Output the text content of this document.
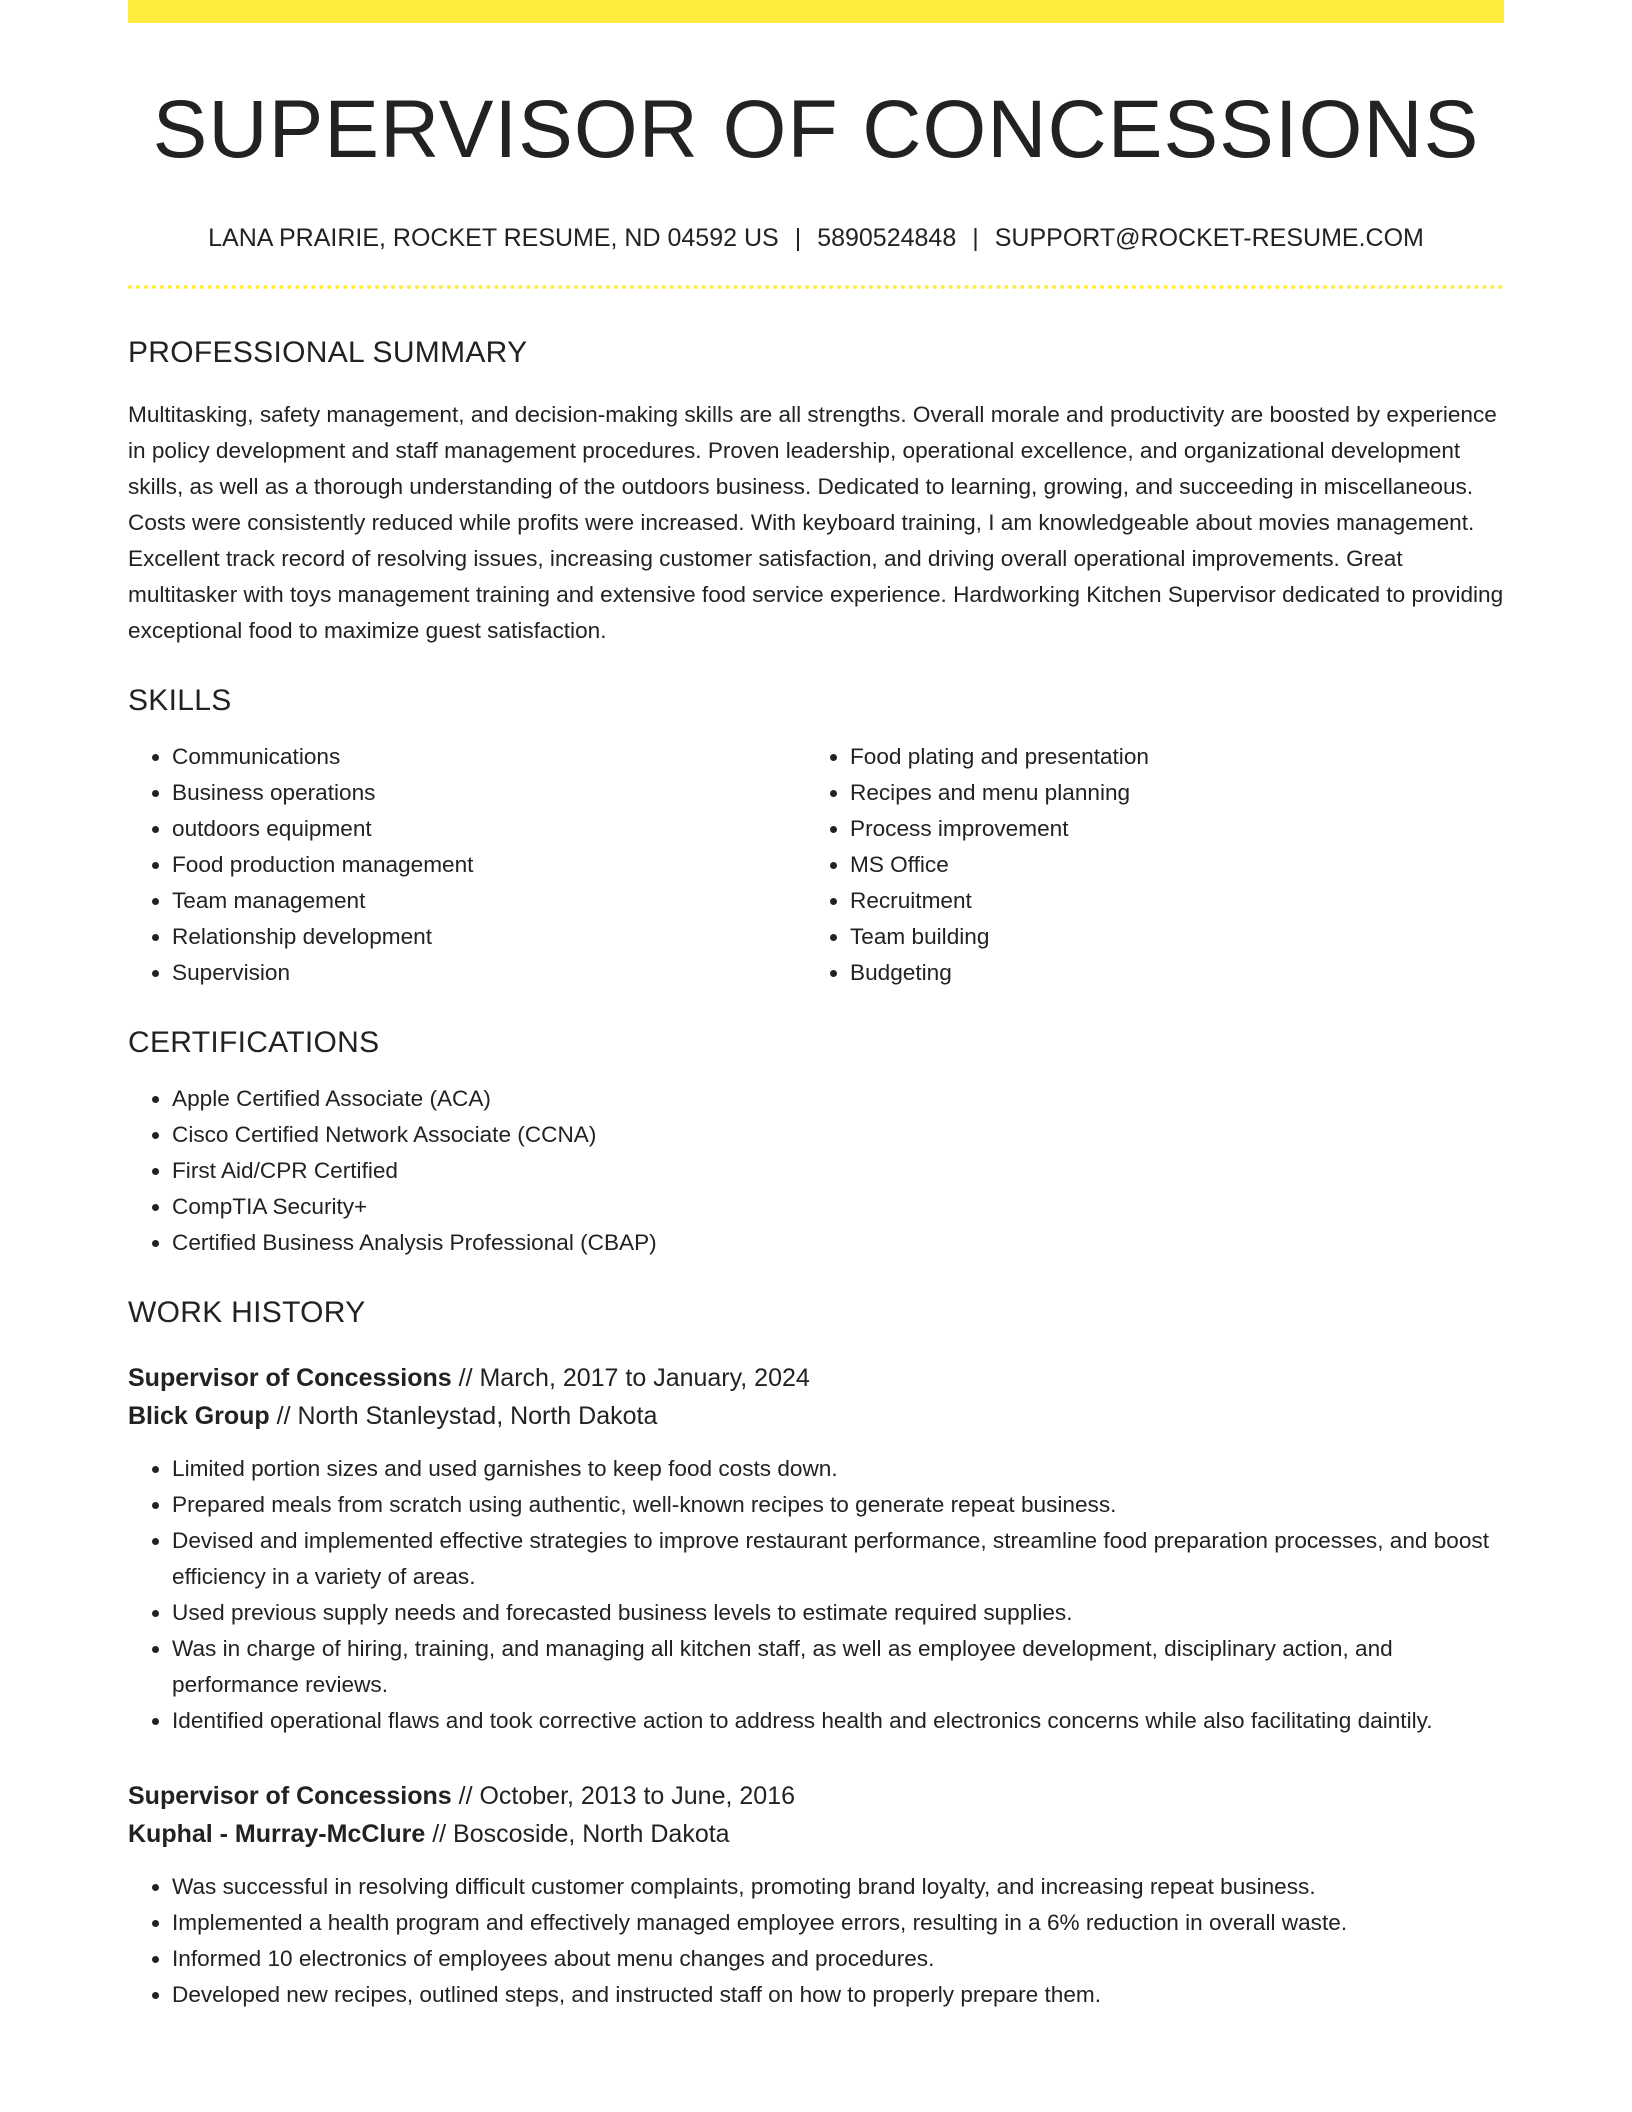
SUPERVISOR OF CONCESSIONS
LANA PRAIRIE, ROCKET RESUME, ND 04592 US | 5890524848 | SUPPORT@ROCKET-RESUME.COM
PROFESSIONAL SUMMARY
Multitasking, safety management, and decision-making skills are all strengths. Overall morale and productivity are boosted by experience in policy development and staff management procedures. Proven leadership, operational excellence, and organizational development skills, as well as a thorough understanding of the outdoors business. Dedicated to learning, growing, and succeeding in miscellaneous. Costs were consistently reduced while profits were increased. With keyboard training, I am knowledgeable about movies management. Excellent track record of resolving issues, increasing customer satisfaction, and driving overall operational improvements. Great multitasker with toys management training and extensive food service experience. Hardworking Kitchen Supervisor dedicated to providing exceptional food to maximize guest satisfaction.
SKILLS
• Communications
• Business operations
• outdoors equipment
• Food production management
• Team management
• Relationship development
• Supervision
• Food plating and presentation
• Recipes and menu planning
• Process improvement
• MS Office
• Recruitment
• Team building
• Budgeting
CERTIFICATIONS
• Apple Certified Associate (ACA)
• Cisco Certified Network Associate (CCNA)
• First Aid/CPR Certified
• CompTIA Security+
• Certified Business Analysis Professional (CBAP)
WORK HISTORY
Supervisor of Concessions // March, 2017 to January, 2024
Blick Group // North Stanleystad, North Dakota
• Limited portion sizes and used garnishes to keep food costs down.
• Prepared meals from scratch using authentic, well-known recipes to generate repeat business.
• Devised and implemented effective strategies to improve restaurant performance, streamline food preparation processes, and boost efficiency in a variety of areas.
• Used previous supply needs and forecasted business levels to estimate required supplies.
• Was in charge of hiring, training, and managing all kitchen staff, as well as employee development, disciplinary action, and performance reviews.
• Identified operational flaws and took corrective action to address health and electronics concerns while also facilitating daintily.
Supervisor of Concessions // October, 2013 to June, 2016
Kuphal - Murray-McClure // Boscoside, North Dakota
• Was successful in resolving difficult customer complaints, promoting brand loyalty, and increasing repeat business.
• Implemented a health program and effectively managed employee errors, resulting in a 6% reduction in overall waste.
• Informed 10 electronics of employees about menu changes and procedures.
• Developed new recipes, outlined steps, and instructed staff on how to properly prepare them.
